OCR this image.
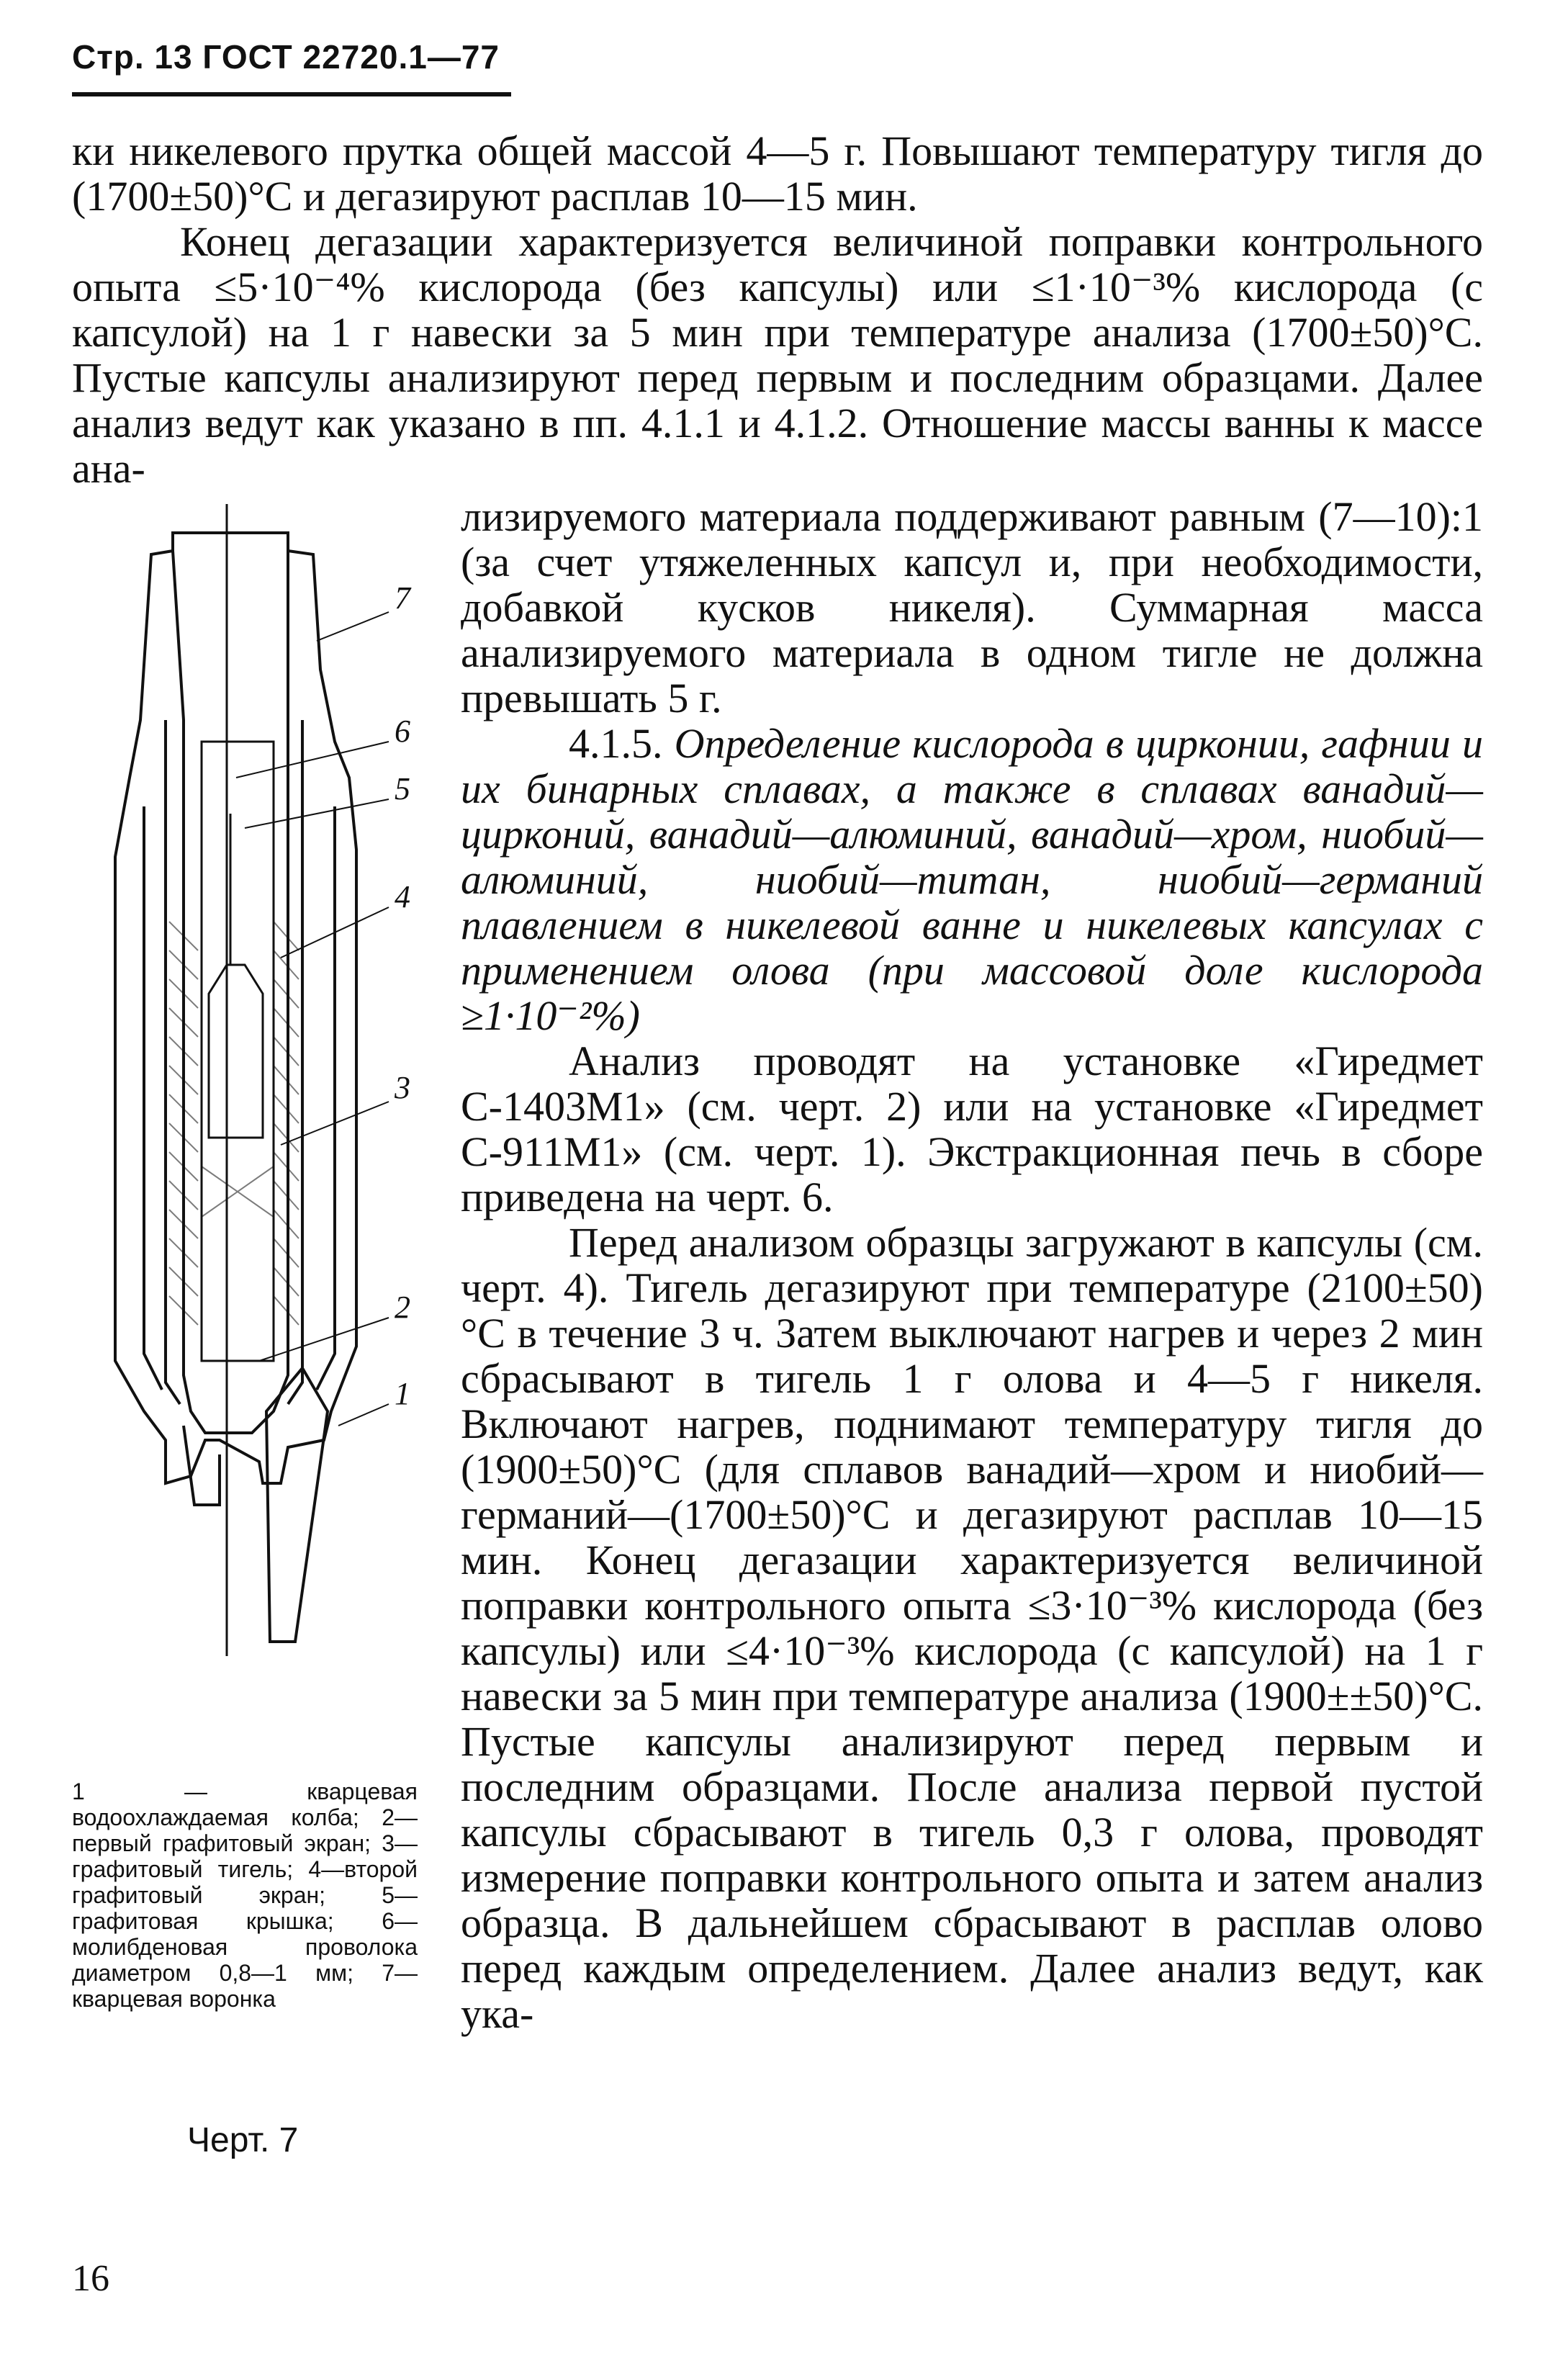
Стр. 13 ГОСТ 22720.1—77

ки никелевого прутка общей массой 4—5 г. Повышают температуру тигля до (1700±50)°С и дегазируют расплав 10—15 мин.

Конец дегазации характеризуется величиной поправки контрольного опыта ≤5·10⁻⁴% кислорода (без капсулы) или ≤1·10⁻³% кислорода (с капсулой) на 1 г навески за 5 мин при температуре анализа (1700±50)°С. Пустые капсулы анализируют перед первым и последним образцами. Далее анализ ведут как указано в пп. 4.1.1 и 4.1.2. Отношение массы ванны к массе ана-

лизируемого материала поддерживают равным (7—10):1 (за счет утяжеленных капсул и, при необходимости, добавкой кусков никеля). Суммарная масса анализируемого материала в одном тигле не должна превышать 5 г.

4.1.5. Определение кислорода в цирконии, гафнии и их бинарных сплавах, а также в сплавах ванадий—цирконий, ванадий—алюминий, ванадий—хром, ниобий—алюминий, ниобий—титан, ниобий—германий плавлением в никелевой ванне и никелевых капсулах с применением олова (при массовой доле кислорода ≥1·10⁻²%)

Анализ проводят на установке «Гиредмет С-1403М1» (см. черт. 2) или на установке «Гиредмет С-911М1» (см. черт. 1). Экстракционная печь в сборе приведена на черт. 6.

Перед анализом образцы загружают в капсулы (см. черт. 4). Тигель дегазируют при температуре (2100±50)°С в течение 3 ч. Затем выключают нагрев и через 2 мин сбрасывают в тигель 1 г олова и 4—5 г никеля. Включают нагрев, поднимают температуру тигля до (1900±50)°С (для сплавов ванадий—хром и ниобий—германий—(1700±50)°С и дегазируют расплав 10—15 мин. Конец дегазации характеризуется величиной поправки контрольного опыта ≤3·10⁻³% кислорода (без капсулы) или ≤4·10⁻³% кислорода (с капсулой) на 1 г навески за 5 мин при температуре анализа (1900±±50)°С. Пустые капсулы анализируют перед первым и последним образцами. После анализа первой пустой капсулы сбрасывают в тигель 0,3 г олова, проводят измерение поправки контрольного опыта и затем анализ образца. В дальнейшем сбрасывают в расплав олово перед каждым определением. Далее анализ ведут, как ука-

7
6
5
4
3
2
1
1 — кварцевая водоохлаждаемая колба; 2—первый графитовый экран; 3—графитовый тигель; 4—второй графитовый экран; 5—графитовая крышка; 6—молибденовая проволока диаметром 0,8—1 мм; 7—кварцевая воронка
Черт. 7
16
